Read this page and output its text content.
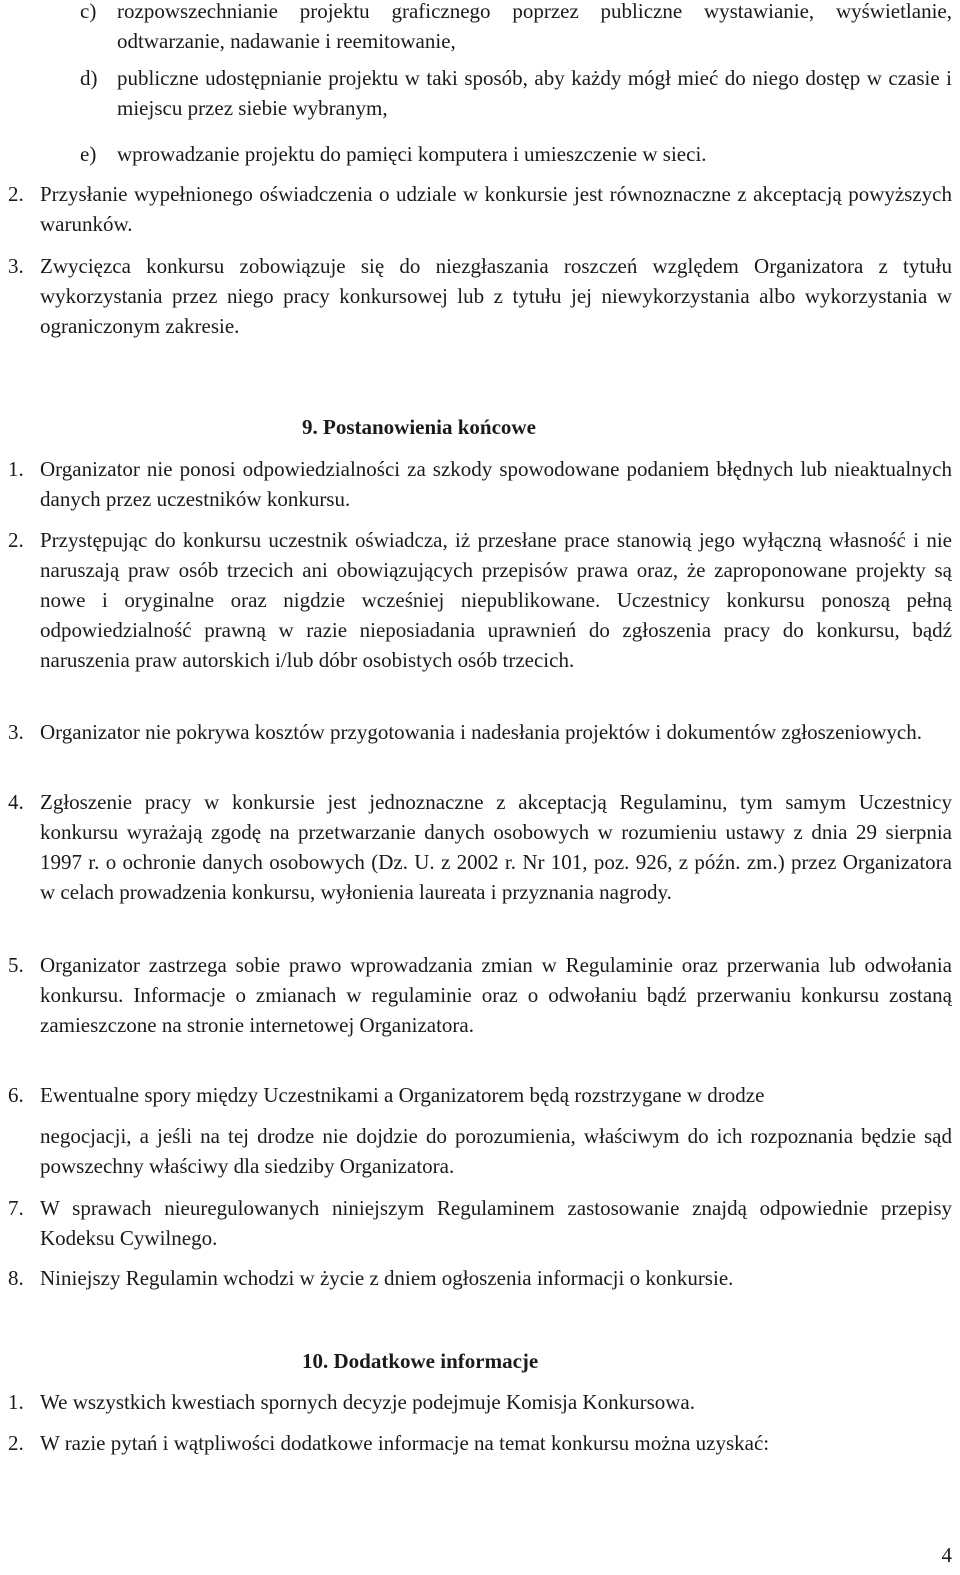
c) rozpowszechnianie projektu graficznego poprzez publiczne wystawianie, wyświetlanie, odtwarzanie, nadawanie i reemitowanie,
d) publiczne udostępnianie projektu w taki sposób, aby każdy mógł mieć do niego dostęp w czasie i miejscu przez siebie wybranym,
e) wprowadzanie projektu do pamięci komputera i umieszczenie w sieci.
2. Przysłanie wypełnionego oświadczenia o udziale w konkursie jest równoznaczne z akceptacją powyższych warunków.
3. Zwycięzca konkursu zobowiązuje się do niezgłaszania roszczeń względem Organizatora z tytułu wykorzystania przez niego pracy konkursowej lub z tytułu jej niewykorzystania albo wykorzystania w ograniczonym zakresie.
9. Postanowienia końcowe
1. Organizator nie ponosi odpowiedzialności za szkody spowodowane podaniem błędnych lub nieaktualnych danych przez uczestników konkursu.
2. Przystępując do konkursu uczestnik oświadcza, iż przesłane prace stanowią jego wyłączną własność i nie naruszają praw osób trzecich ani obowiązujących przepisów prawa oraz, że zaproponowane projekty są nowe i oryginalne oraz nigdzie wcześniej niepublikowane. Uczestnicy konkursu ponoszą pełną odpowiedzialność prawną w razie nieposiadania uprawnień do zgłoszenia pracy do konkursu, bądź naruszenia praw autorskich i/lub dóbr osobistych osób trzecich.
3. Organizator nie pokrywa kosztów przygotowania i nadesłania projektów i dokumentów zgłoszeniowych.
4. Zgłoszenie pracy w konkursie jest jednoznaczne z akceptacją Regulaminu, tym samym Uczestnicy konkursu wyrażają zgodę na przetwarzanie danych osobowych w rozumieniu ustawy z dnia 29 sierpnia 1997 r. o ochronie danych osobowych (Dz. U. z 2002 r. Nr 101, poz. 926, z późn. zm.) przez Organizatora w celach prowadzenia konkursu, wyłonienia laureata i przyznania nagrody.
5. Organizator zastrzega sobie prawo wprowadzania zmian w Regulaminie oraz przerwania lub odwołania konkursu. Informacje o zmianach w regulaminie oraz o odwołaniu bądź przerwaniu konkursu zostaną zamieszczone na stronie internetowej Organizatora.
6. Ewentualne spory między Uczestnikami a Organizatorem będą rozstrzygane w drodze
negocjacji, a jeśli na tej drodze nie dojdzie do porozumienia, właściwym do ich rozpoznania będzie sąd powszechny właściwy dla siedziby Organizatora.
7. W sprawach nieuregulowanych niniejszym Regulaminem zastosowanie znajdą odpowiednie przepisy Kodeksu Cywilnego.
8. Niniejszy Regulamin wchodzi w życie z dniem ogłoszenia informacji o konkursie.
10. Dodatkowe informacje
1. We wszystkich kwestiach spornych decyzje podejmuje Komisja Konkursowa.
2. W razie pytań i wątpliwości dodatkowe informacje na temat konkursu można uzyskać:
4
